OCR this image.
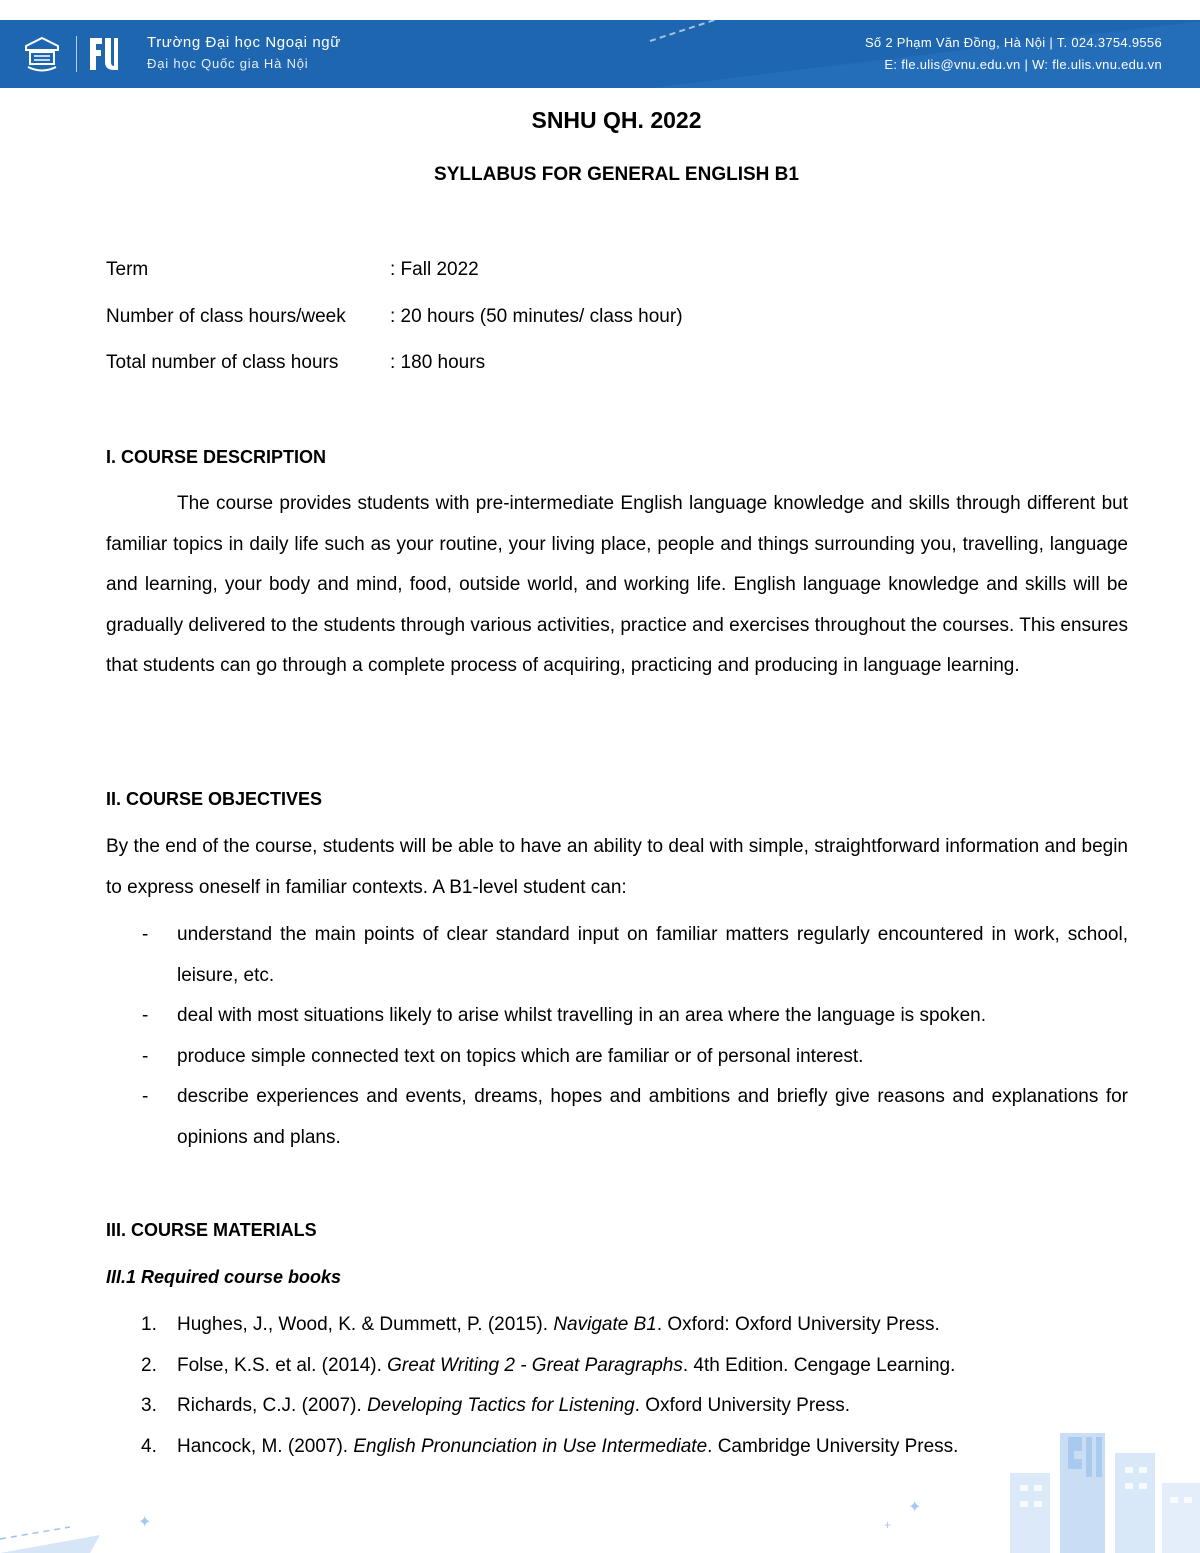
Trường Đại học Ngoại ngữ
Đại học Quốc gia Hà Nội
Số 2 Phạm Văn Đồng, Hà Nội | T. 024.3754.9556
E: fle.ulis@vnu.edu.vn | W: fle.ulis.vnu.edu.vn
SNHU QH. 2022
SYLLABUS FOR GENERAL ENGLISH B1
Term	: Fall 2022
Number of class hours/week : 20 hours (50 minutes/ class hour)
Total number of class hours	: 180 hours
I. COURSE DESCRIPTION
The course provides students with pre-intermediate English language knowledge and skills through different but familiar topics in daily life such as your routine, your living place, people and things surrounding you, travelling, language and learning, your body and mind, food, outside world, and working life. English language knowledge and skills will be gradually delivered to the students through various activities, practice and exercises throughout the courses. This ensures that students can go through a complete process of acquiring, practicing and producing in language learning.
II. COURSE OBJECTIVES
By the end of the course, students will be able to have an ability to deal with simple, straightforward information and begin to express oneself in familiar contexts. A B1-level student can:
- understand the main points of clear standard input on familiar matters regularly encountered in work, school, leisure, etc.
- deal with most situations likely to arise whilst travelling in an area where the language is spoken.
- produce simple connected text on topics which are familiar or of personal interest.
- describe experiences and events, dreams, hopes and ambitions and briefly give reasons and explanations for opinions and plans.
III. COURSE MATERIALS
III.1 Required course books
1. Hughes, J., Wood, K. & Dummett, P. (2015). Navigate B1. Oxford: Oxford University Press.
2. Folse, K.S. et al. (2014). Great Writing 2 - Great Paragraphs. 4th Edition. Cengage Learning.
3. Richards, C.J. (2007). Developing Tactics for Listening. Oxford University Press.
4. Hancock, M. (2007). English Pronunciation in Use Intermediate. Cambridge University Press.
✦
✦
+
